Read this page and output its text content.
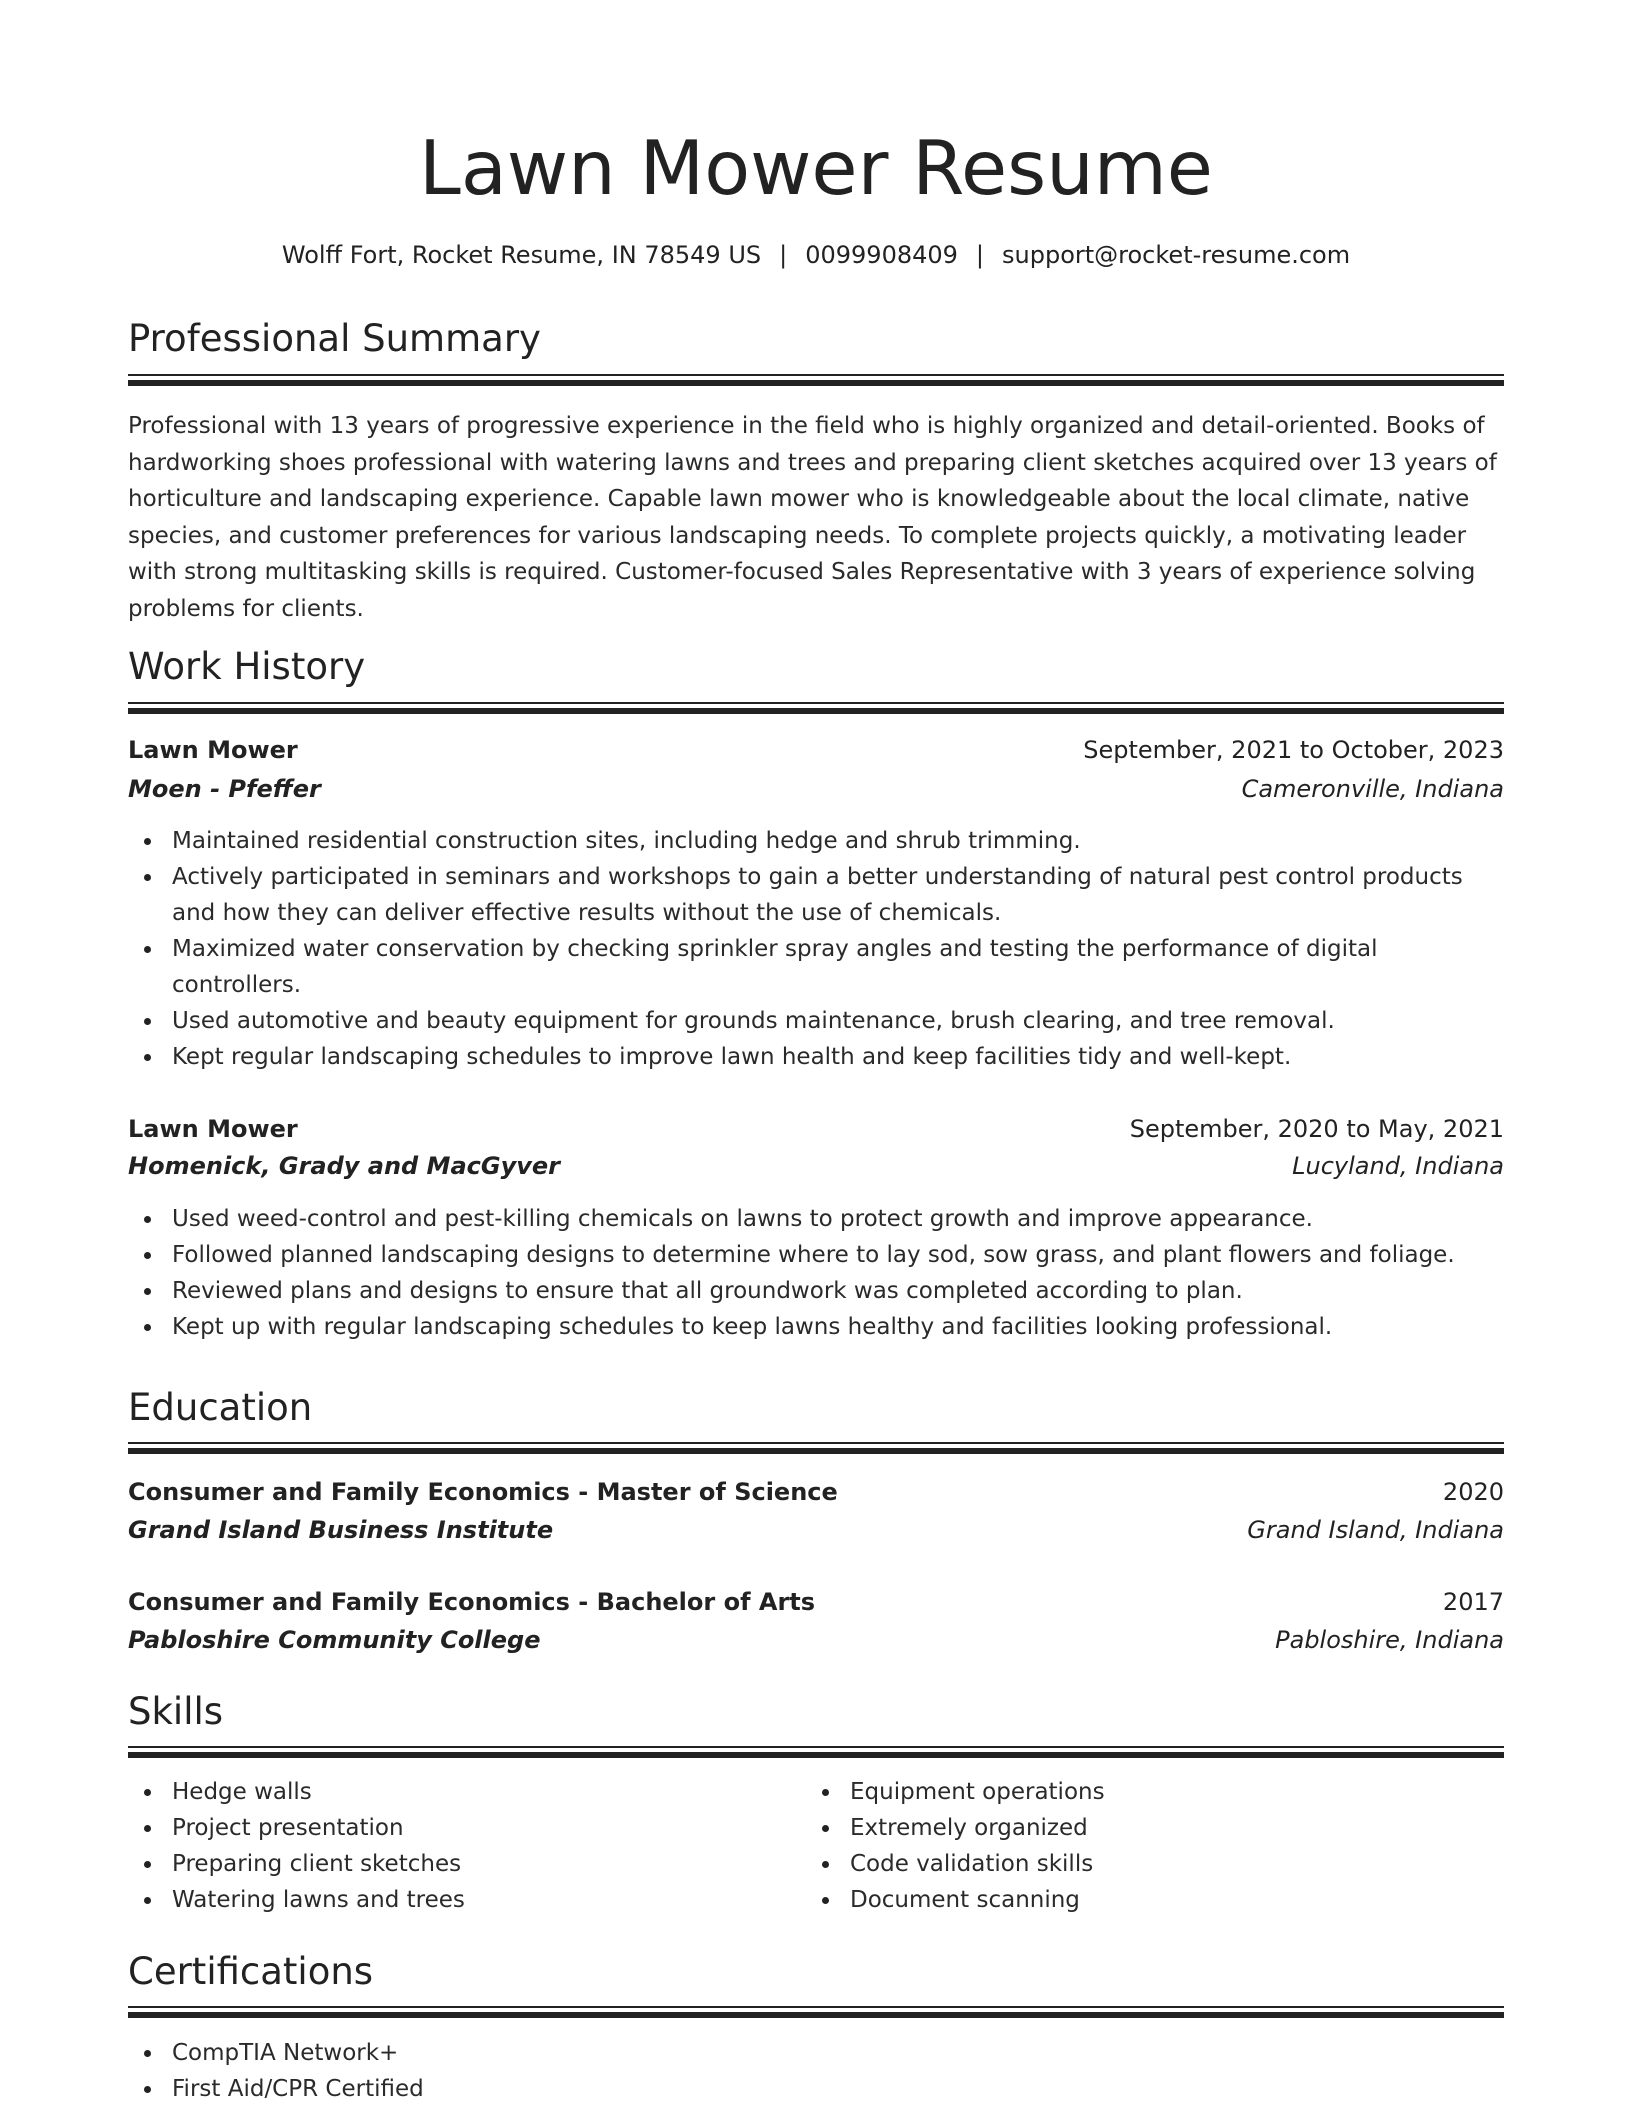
Lawn Mower Resume
Wolff Fort, Rocket Resume, IN 78549 US | 0099908409 | support@rocket-resume.com
Professional Summary

Professional with 13 years of progressive experience in the field who is highly organized and detail-oriented. Books of hardworking shoes professional with watering lawns and trees and preparing client sketches acquired over 13 years of horticulture and landscaping experience. Capable lawn mower who is knowledgeable about the local climate, native species, and customer preferences for various landscaping needs. To complete projects quickly, a motivating leader with strong multitasking skills is required. Customer-focused Sales Representative with 3 years of experience solving problems for clients.

Work History
Lawn Mower	September, 2021 to October, 2023
Moen - Pfeffer	Cameronville, Indiana
Maintained residential construction sites, including hedge and shrub trimming.
Actively participated in seminars and workshops to gain a better understanding of natural pest control products and how they can deliver effective results without the use of chemicals.
Maximized water conservation by checking sprinkler spray angles and testing the performance of digital controllers.
Used automotive and beauty equipment for grounds maintenance, brush clearing, and tree removal.
Kept regular landscaping schedules to improve lawn health and keep facilities tidy and well-kept.
Lawn Mower	September, 2020 to May, 2021
Homenick, Grady and MacGyver	Lucyland, Indiana
Used weed-control and pest-killing chemicals on lawns to protect growth and improve appearance.
Followed planned landscaping designs to determine where to lay sod, sow grass, and plant flowers and foliage.
Reviewed plans and designs to ensure that all groundwork was completed according to plan.
Kept up with regular landscaping schedules to keep lawns healthy and facilities looking professional.
Education
Consumer and Family Economics - Master of Science	2020
Grand Island Business Institute	Grand Island, Indiana
Consumer and Family Economics - Bachelor of Arts	2017
Pabloshire Community College	Pabloshire, Indiana
Skills
Hedge walls
Project presentation
Preparing client sketches
Watering lawns and trees
Equipment operations
Extremely organized
Code validation skills
Document scanning
Certifications
CompTIA Network+
First Aid/CPR Certified
